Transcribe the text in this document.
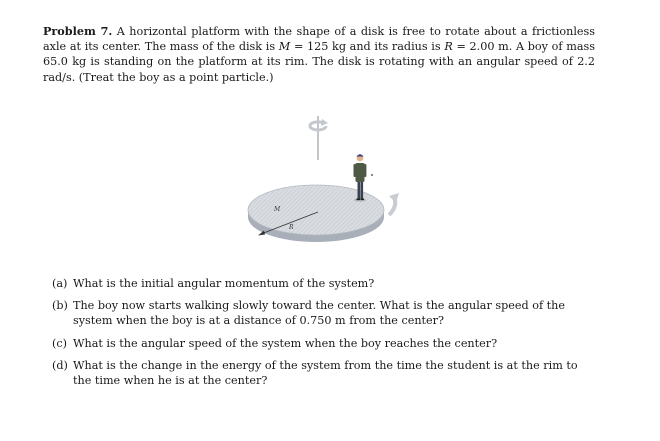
Problem 7. A horizontal platform with the shape of a disk is free to rotate about a frictionless axle at its center. The mass of the disk is M = 125 kg and its radius is R = 2.00 m. A boy of mass 65.0 kg is standing on the platform at its rim. The disk is rotating with an angular speed of 2.2 rad/s. (Treat the boy as a point particle.)

M
R
(a) What is the initial angular momentum of the system?
(b) The boy now starts walking slowly toward the center. What is the angular speed of the system when the boy is at a distance of 0.750 m from the center?
(c) What is the angular speed of the system when the boy reaches the center?
(d) What is the change in the energy of the system from the time the student is at the rim to the time when he is at the center?
